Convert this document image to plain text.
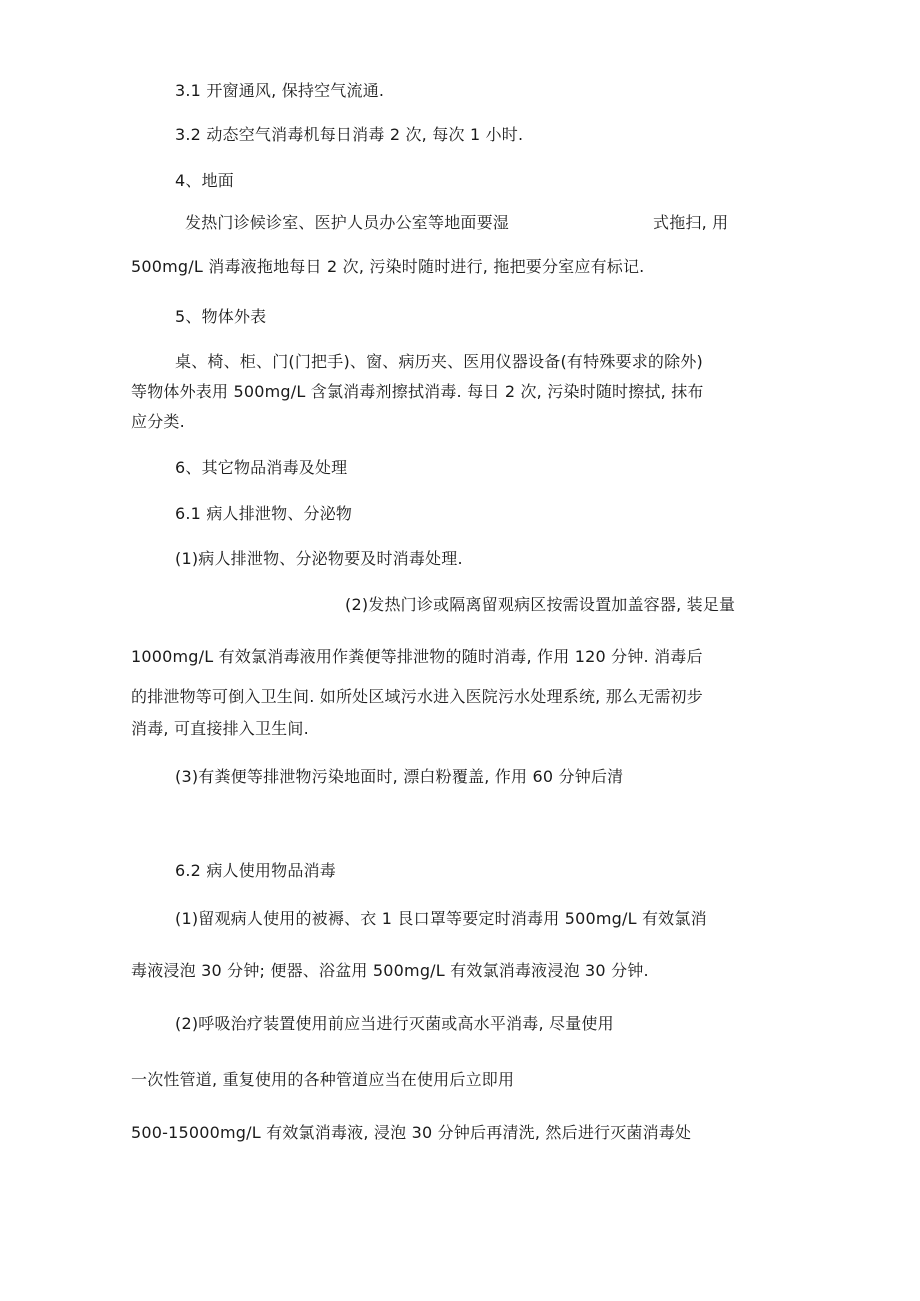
3.1 开窗通风, 保持空气流通.
3.2 动态空气消毒机每日消毒 2 次, 每次 1 小时.
4、地面
发热门诊候诊室、医护人员办公室等地面要湿	式拖扫, 用
500mg/L 消毒液拖地每日 2 次, 污染时随时进行, 拖把要分室应有标记.
5、物体外表
桌、椅、柜、门(门把手)、窗、病历夹、医用仪器设备(有特殊要求的除外)
等物体外表用 500mg/L 含氯消毒剂擦拭消毒. 每日 2 次, 污染时随时擦拭, 抹布
应分类.
6、其它物品消毒及处理
6.1 病人排泄物、分泌物
(1)病人排泄物、分泌物要及时消毒处理.
(2)发热门诊或隔离留观病区按需设置加盖容器, 装足量
1000mg/L 有效氯消毒液用作粪便等排泄物的随时消毒, 作用 120 分钟. 消毒后
的排泄物等可倒入卫生间. 如所处区域污水进入医院污水处理系统, 那么无需初步
消毒, 可直接排入卫生间.
(3)有粪便等排泄物污染地面时, 漂白粉覆盖, 作用 60 分钟后清
6.2 病人使用物品消毒
(1)留观病人使用的被褥、衣 1 艮口罩等要定时消毒用 500mg/L 有效氯消
毒液浸泡 30 分钟; 便器、浴盆用 500mg/L 有效氯消毒液浸泡 30 分钟.
(2)呼吸治疗装置使用前应当进行灭菌或高水平消毒, 尽量使用
一次性管道, 重复使用的各种管道应当在使用后立即用
500-15000mg/L 有效氯消毒液, 浸泡 30 分钟后再清洗, 然后进行灭菌消毒处
